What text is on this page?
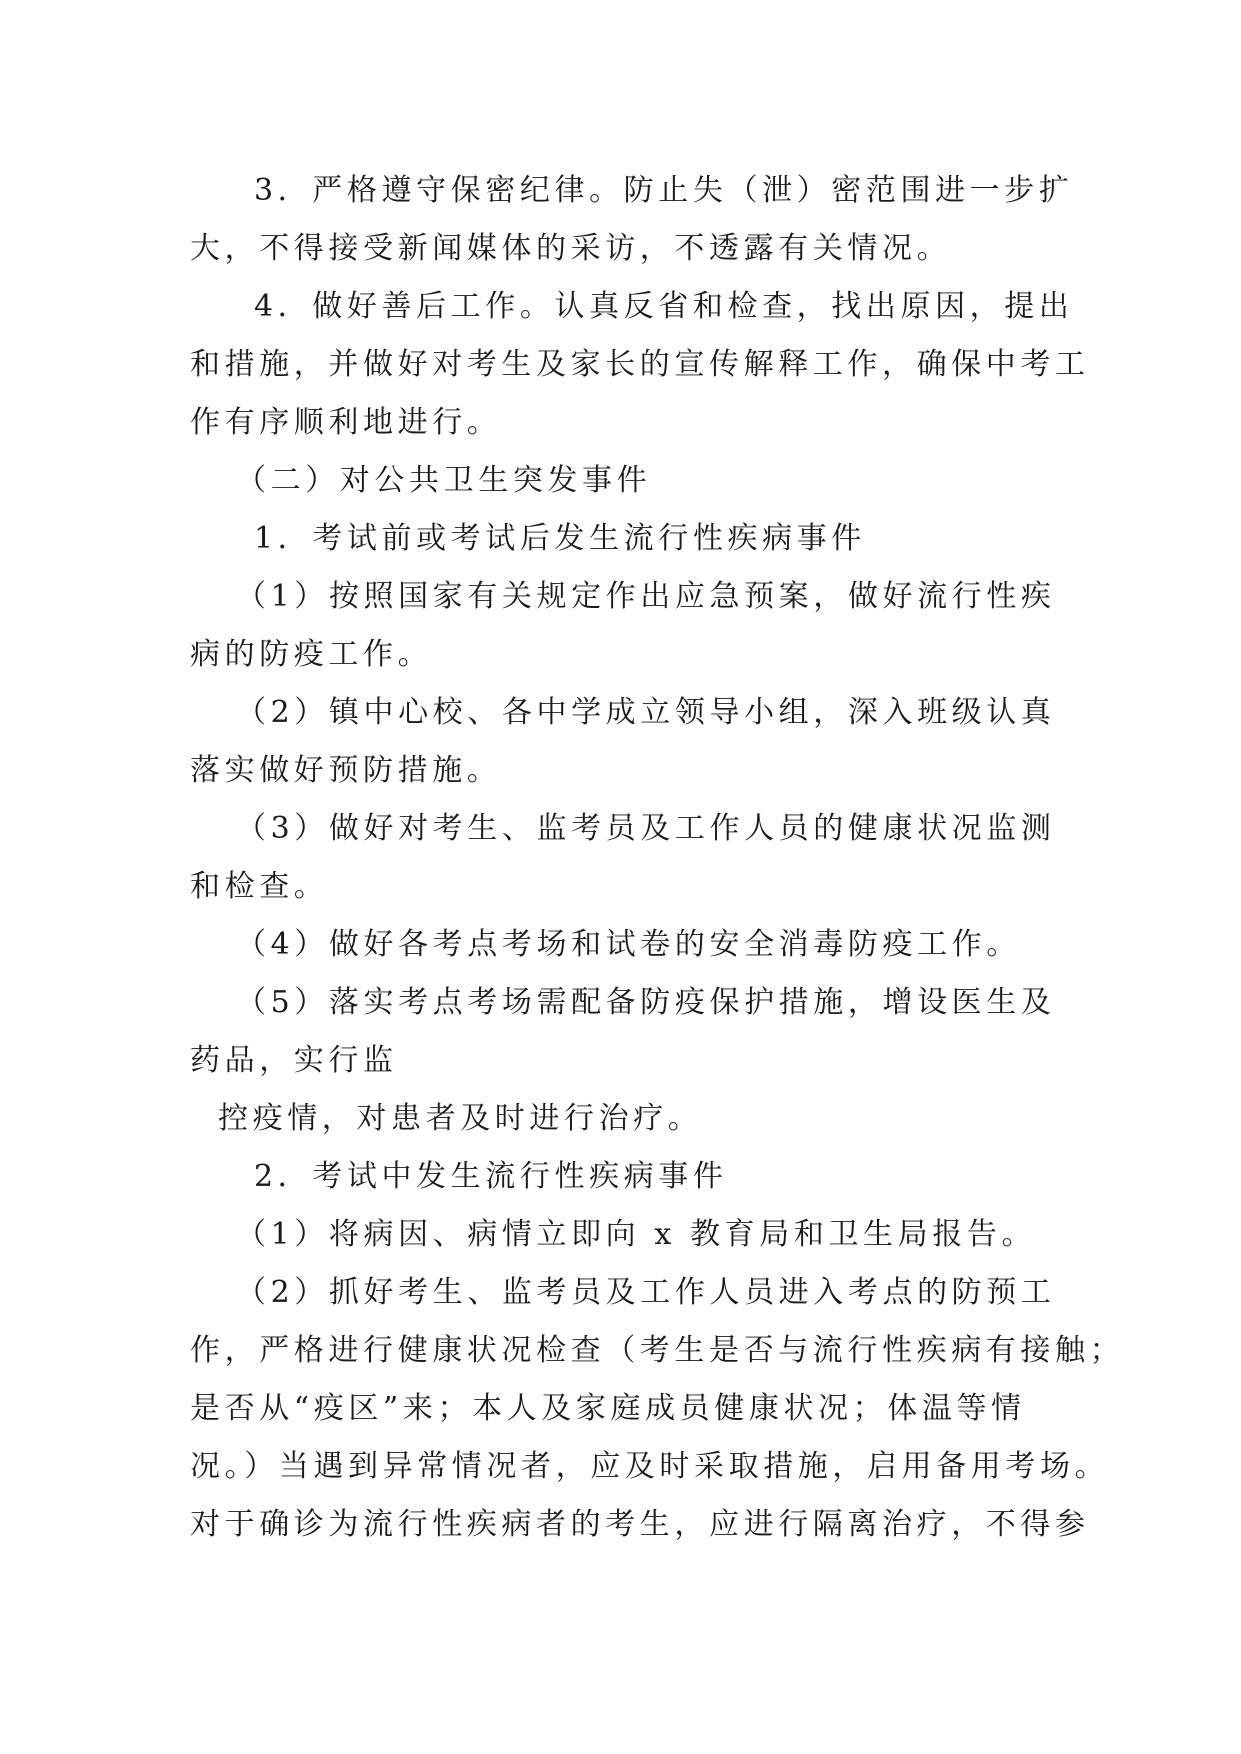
3．严格遵守保密纪律。防止失（泄）密范围进一步扩
大，不得接受新闻媒体的采访，不透露有关情况。
4．做好善后工作。认真反省和检查，找出原因，提出
和措施，并做好对考生及家长的宣传解释工作，确保中考工
作有序顺利地进行。
（二）对公共卫生突发事件
1．考试前或考试后发生流行性疾病事件
（1）按照国家有关规定作出应急预案，做好流行性疾
病的防疫工作。
（2）镇中心校、各中学成立领导小组，深入班级认真
落实做好预防措施。
（3）做好对考生、监考员及工作人员的健康状况监测
和检查。
（4）做好各考点考场和试卷的安全消毒防疫工作。
（5）落实考点考场需配备防疫保护措施，增设医生及
药品，实行监
控疫情，对患者及时进行治疗。
2．考试中发生流行性疾病事件
（1）将病因、病情立即向 x 教育局和卫生局报告。
（2）抓好考生、监考员及工作人员进入考点的防预工
作，严格进行健康状况检查（考生是否与流行性疾病有接触；
是否从“疫区”来；本人及家庭成员健康状况；体温等情
况。）当遇到异常情况者，应及时采取措施，启用备用考场。
对于确诊为流行性疾病者的考生，应进行隔离治疗，不得参
